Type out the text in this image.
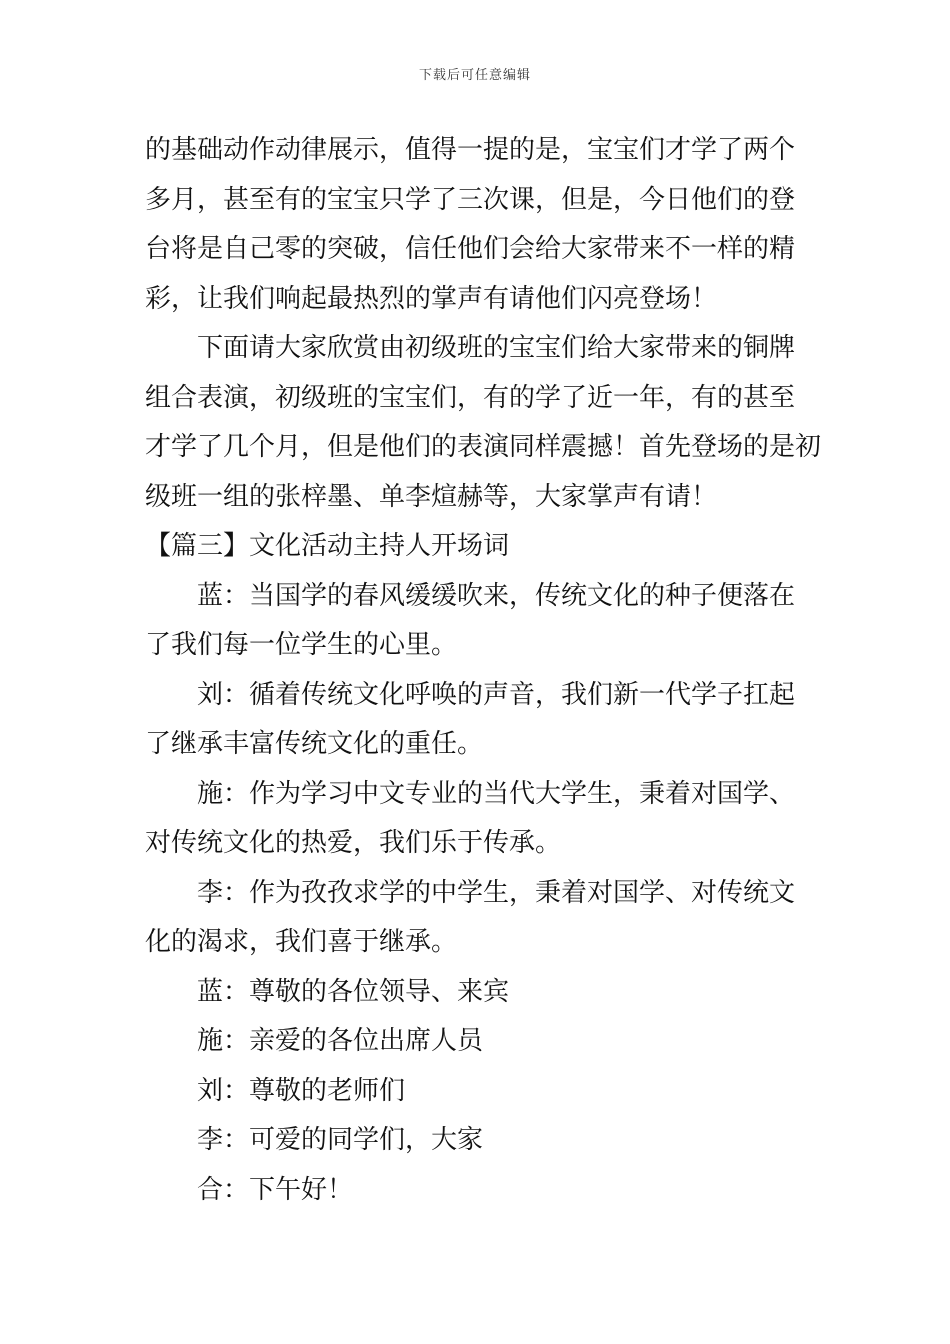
下载后可任意编辑

的基础动作动律展示，值得一提的是，宝宝们才学了两个

多月，甚至有的宝宝只学了三次课，但是，今日他们的登

台将是自己零的突破，信任他们会给大家带来不一样的精

彩，让我们响起最热烈的掌声有请他们闪亮登场！

　　下面请大家欣赏由初级班的宝宝们给大家带来的铜牌

组合表演，初级班的宝宝们，有的学了近一年，有的甚至

才学了几个月，但是他们的表演同样震撼！首先登场的是初

级班一组的张梓墨、单李煊赫等，大家掌声有请！

【篇三】文化活动主持人开场词

　　蓝：当国学的春风缓缓吹来，传统文化的种子便落在

了我们每一位学生的心里。

　　刘：循着传统文化呼唤的声音，我们新一代学子扛起

了继承丰富传统文化的重任。

　　施：作为学习中文专业的当代大学生，秉着对国学、

对传统文化的热爱，我们乐于传承。

　　李：作为孜孜求学的中学生，秉着对国学、对传统文

化的渴求，我们喜于继承。

　　蓝：尊敬的各位领导、来宾

　　施：亲爱的各位出席人员

　　刘：尊敬的老师们

　　李：可爱的同学们，大家

　　合：下午好！
